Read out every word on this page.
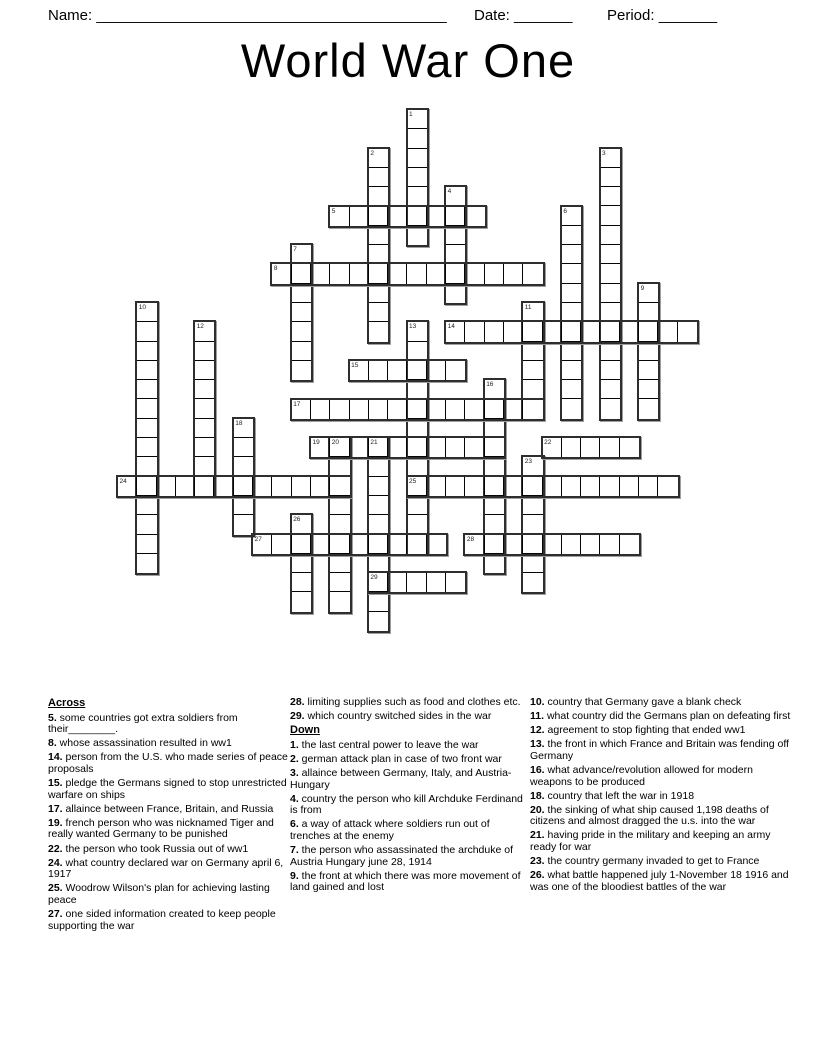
Name: __________________________________________ Date: _______ Period: _______
World War One
1
2	3
4
5	6
7
8
9
10	11
12	13	14
15
16
17
18
19 20	21	22
23
24	25
26
27	28
29
Across
5. some countries got extra soldiers from their________.
8. whose assassination resulted in ww1
14. person from the U.S. who made series of peace proposals
15. pledge the Germans signed to stop unrestricted warfare on ships
17. allaince between France, Britain, and Russia
19. french person who was nicknamed Tiger and really wanted Germany to be punished
22. the person who took Russia out of ww1
24. what country declared war on Germany april 6, 1917
25. Woodrow Wilson's plan for achieving lasting peace
27. one sided information created to keep people supporting the war
28. limiting supplies such as food and clothes etc.
29. which country switched sides in the war
Down
1. the last central power to leave the war
2. german attack plan in case of two front war
3. allaince between Germany, Italy, and Austria-Hungary
4. country the person who kill Archduke Ferdinand is from
6. a way of attack where soldiers run out of trenches at the enemy
7. the person who assassinated the archduke of Austria Hungary june 28, 1914
9. the front at which there was more movement of land gained and lost
10. country that Germany gave a blank check
11. what country did the Germans plan on defeating first
12. agreement to stop fighting that ended ww1
13. the front in which France and Britain was fending off Germany
16. what advance/revolution allowed for modern weapons to be produced
18. country that left the war in 1918
20. the sinking of what ship caused 1,198 deaths of citizens and almost dragged the u.s. into the war
21. having pride in the military and keeping an army ready for war
23. the country germany invaded to get to France
26. what battle happened july 1-November 18 1916 and was one of the bloodiest battles of the war
